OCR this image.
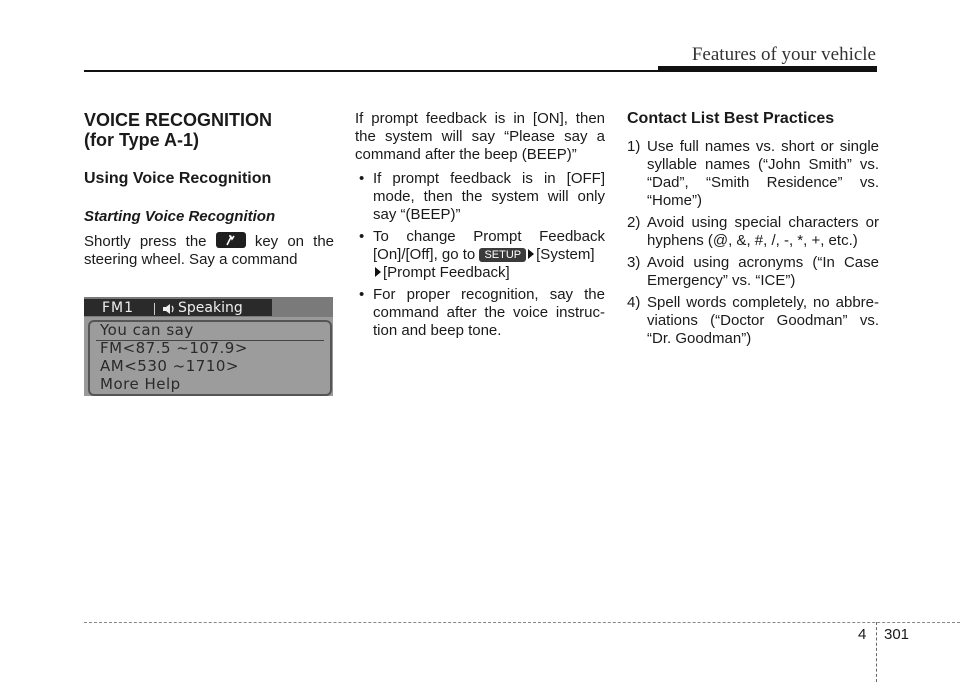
Features of your vehicle
VOICE RECOGNITION
(for Type A-1)
Using Voice Recognition
Starting Voice Recognition

Shortly press the	key on the steering wheel. Say a command

FM1	Speaking
You can say
FM<87.5 ~107.9>
AM<530 ~1710>
More Help

If prompt feedback is in [ON], then the system will say “Please say a command after the beep (BEEP)”

• If prompt feedback is in [OFF] mode, then the system will only say “(BEEP)”
• To change Prompt Feedback [On]/[Off], go to SETUP [System]
[Prompt Feedback]
• For proper recognition, say the command after the voice instruc-tion and beep tone.
Contact List Best Practices
1) Use full names vs. short or single syllable names (“John Smith” vs. “Dad”, “Smith Residence” vs. “Home”)
2) Avoid using special characters or hyphens (@, &, #, /, -, *, +, etc.)
3) Avoid using acronyms (“In Case Emergency” vs. “ICE”)
4) Spell words completely, no abbre-viations (“Doctor Goodman” vs. “Dr. Goodman”)
4 301
